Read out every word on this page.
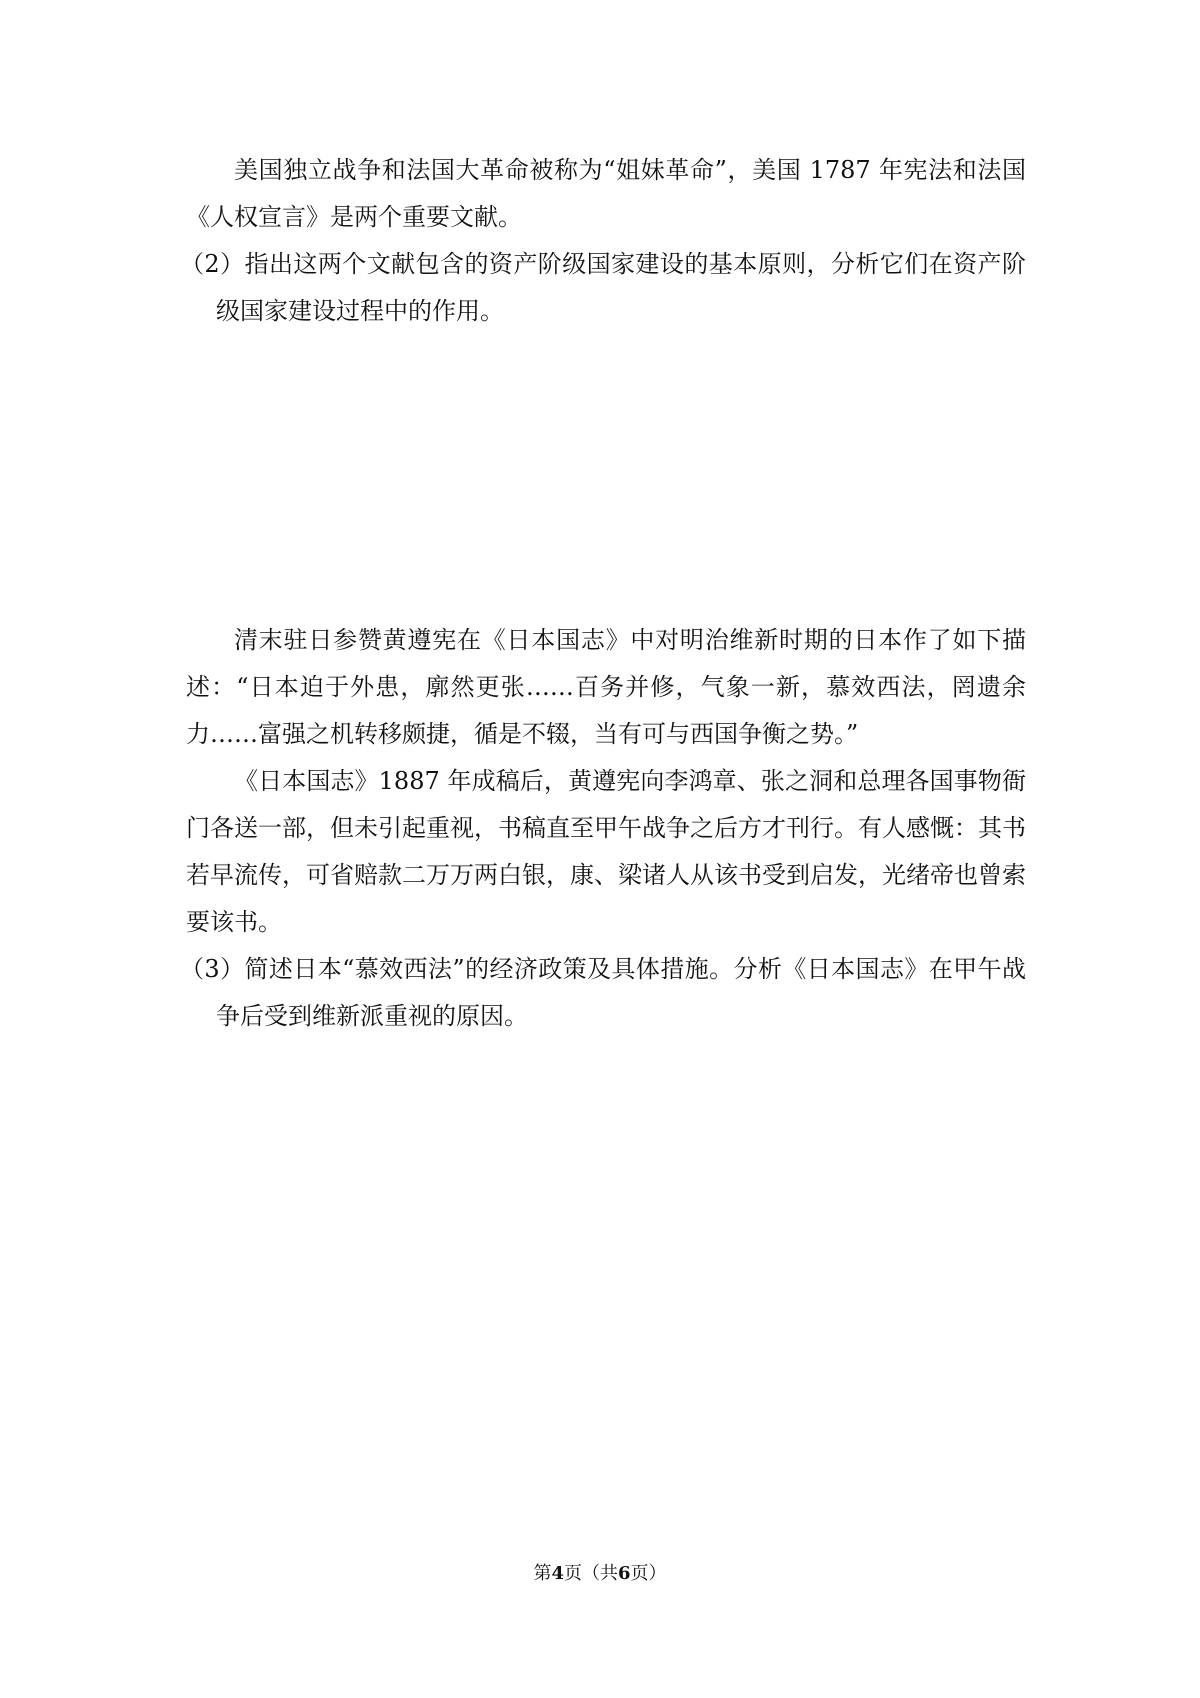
美国独立战争和法国大革命被称为“姐妹革命”，美国 1787 年宪法和法国《人权宣言》是两个重要文献。

（2）指出这两个文献包含的资产阶级国家建设的基本原则，分析它们在资产阶级国家建设过程中的作用。

清末驻日参赞黄遵宪在《日本国志》中对明治维新时期的日本作了如下描述：“日本迫于外患，廓然更张……百务并修，气象一新，慕效西法，罔遗余力……富强之机转移颇捷，循是不辍，当有可与西国争衡之势。”

《日本国志》1887 年成稿后，黄遵宪向李鸿章、张之洞和总理各国事物衙门各送一部，但未引起重视，书稿直至甲午战争之后方才刊行。有人感慨：其书若早流传，可省赔款二万万两白银，康、梁诸人从该书受到启发，光绪帝也曾索要该书。

（3）简述日本“慕效西法”的经济政策及具体措施。分析《日本国志》在甲午战争后受到维新派重视的原因。

第4页（共6页）
